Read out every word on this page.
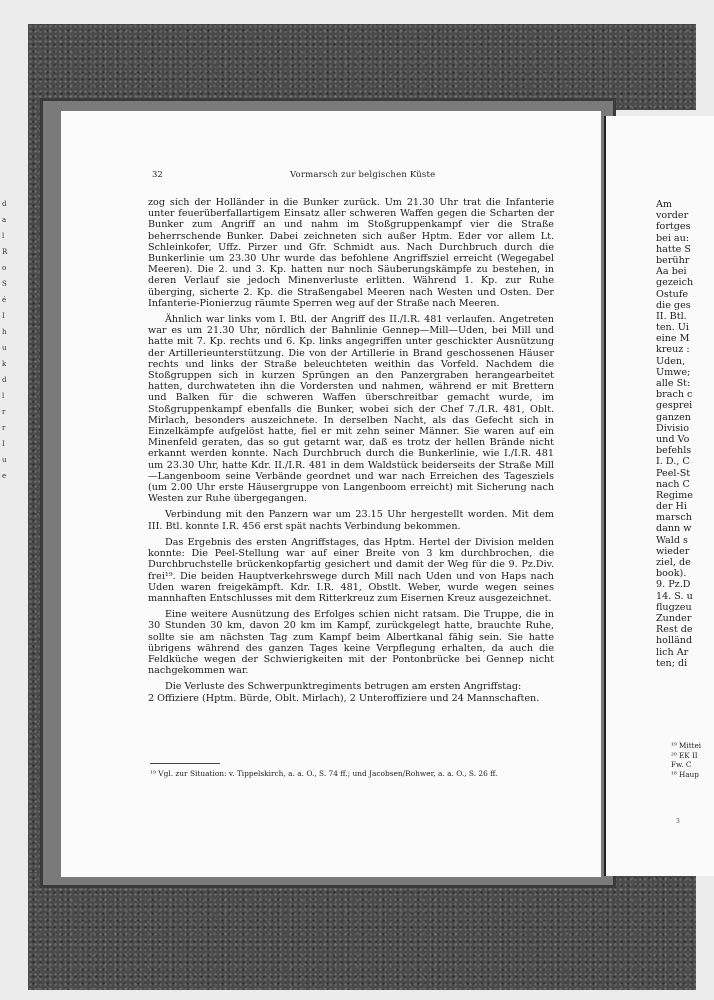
d
a
l
R
o
S
é
I
h
u
k
d
l
r
r
I
u
e
32	Vormarsch zur belgischen Küste

zog sich der Holländer in die Bunker zurück. Um 21.30 Uhr trat die Infanterie unter feuerüberfallartigem Einsatz aller schweren Waffen gegen die Scharten der Bunker zum Angriff an und nahm im Stoßgruppenkampf vier die Straße beherrschende Bunker. Dabei zeichneten sich außer Hptm. Eder vor allem Lt. Schleinkofer, Uffz. Pirzer und Gfr. Schmidt aus. Nach Durchbruch durch die Bunkerlinie um 23.30 Uhr wurde das befohlene Angriffsziel erreicht (Wegegabel Meeren). Die 2. und 3. Kp. hatten nur noch Säuberungskämpfe zu bestehen, in deren Verlauf sie jedoch Minenverluste erlitten. Während 1. Kp. zur Ruhe überging, sicherte 2. Kp. die Straßengabel Meeren nach Westen und Osten. Der Infanterie-Pionierzug räumte Sperren weg auf der Straße nach Meeren.

Ähnlich war links vom I. Btl. der Angriff des II./I.R. 481 verlaufen. Angetreten war es um 21.30 Uhr, nördlich der Bahnlinie Gennep—Mill—Uden, bei Mill und hatte mit 7. Kp. rechts und 6. Kp. links angegriffen unter geschickter Ausnützung der Artillerieunterstützung. Die von der Artillerie in Brand geschossenen Häuser rechts und links der Straße beleuchteten weithin das Vorfeld. Nachdem die Stoßgruppen sich in kurzen Sprüngen an den Panzergraben herangearbeitet hatten, durchwateten ihn die Vordersten und nahmen, während er mit Brettern und Balken für die schweren Waffen überschreitbar gemacht wurde, im Stoßgruppenkampf ebenfalls die Bunker, wobei sich der Chef 7./I.R. 481, Oblt. Mirlach, besonders auszeichnete. In derselben Nacht, als das Gefecht sich in Einzelkämpfe aufgelöst hatte, fiel er mit zehn seiner Männer. Sie waren auf ein Minenfeld geraten, das so gut getarnt war, daß es trotz der hellen Brände nicht erkannt werden konnte. Nach Durchbruch durch die Bunkerlinie, wie I./I.R. 481 um 23.30 Uhr, hatte Kdr. II./I.R. 481 in dem Waldstück beiderseits der Straße Mill—Langenboom seine Verbände geordnet und war nach Erreichen des Tagesziels (um 2.00 Uhr erste Häusergruppe von Langenboom erreicht) mit Sicherung nach Westen zur Ruhe übergegangen.

Verbindung mit den Panzern war um 23.15 Uhr hergestellt worden. Mit dem III. Btl. konnte I.R. 456 erst spät nachts Verbindung bekommen.

Das Ergebnis des ersten Angriffstages, das Hptm. Hertel der Division melden konnte: Die Peel-Stellung war auf einer Breite von 3 km durchbrochen, die Durchbruchstelle brückenkopfartig gesichert und damit der Weg für die 9. Pz.Div. frei¹⁹. Die beiden Hauptverkehrswege durch Mill nach Uden und von Haps nach Uden waren freigekämpft. Kdr. I.R. 481, Obstlt. Weber, wurde wegen seines mannhaften Entschlusses mit dem Ritterkreuz zum Eisernen Kreuz ausgezeichnet.

Eine weitere Ausnützung des Erfolges schien nicht ratsam. Die Truppe, die in 30 Stunden 30 km, davon 20 km im Kampf, zurückgelegt hatte, brauchte Ruhe, sollte sie am nächsten Tag zum Kampf beim Albertkanal fähig sein. Sie hatte übrigens während des ganzen Tages keine Verpflegung erhalten, da auch die Feldküche wegen der Schwierigkeiten mit der Pontonbrücke bei Gennep nicht nachgekommen war.

Die Verluste des Schwerpunktregiments betrugen am ersten Angriffstag:

2 Offiziere (Hptm. Bürde, Oblt. Mirlach), 2 Unteroffiziere und 24 Mannschaften.

¹⁹ Vgl. zur Situation: v. Tippelskirch, a. a. O., S. 74 ff.; und Jacobsen/Rohwer, a. a. O., S. 26 ff.
Am
vorder
fortges
bei au:
hatte S
berühr
Aa bei
gezeich
Ostufe
die ges
II. Btl.
ten. Ui
eine M
kreuz :
Uden,
Umwe;
alle St:
brach c
gesprei
ganzen
Divisio
und Vo
befehls
I. D., C
Peel-St
nach C
Regime
der Hi
marsch
dann w
Wald s
wieder
ziel, de
book).
9. Pz.D
14. S. u
flugzeu
Zunder
Rest de
holländ
lich Ar
ten; di
¹⁹ Mittei
²⁰ EK II
Fw. C
¹⁸ Haup
3
